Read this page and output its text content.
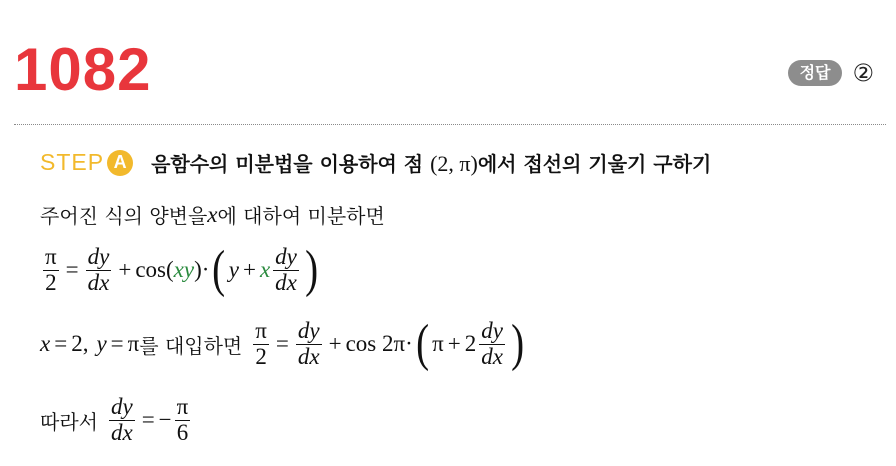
1082	정답 ②
STEP A	음함수의 미분법을 이용하여 점 (2, π)에서 접선의 기울기 구하기
주어진 식의 양변을 x 에 대하여 미분하면
$\frac{\pi}{2} = \frac{dy}{dx} + \cos$ ( xy ) · ( y + x $\frac{dy}{dx}$ )
x = 2, y = π 를 대입하면 $\frac{\pi}{2} = \frac{dy}{dx} + \cos 2\pi$ · ( $\pi + 2 \frac{dy}{dx}$ )
따라서 $\frac{dy}{dx}$ = − $\frac{\pi}{6}$
